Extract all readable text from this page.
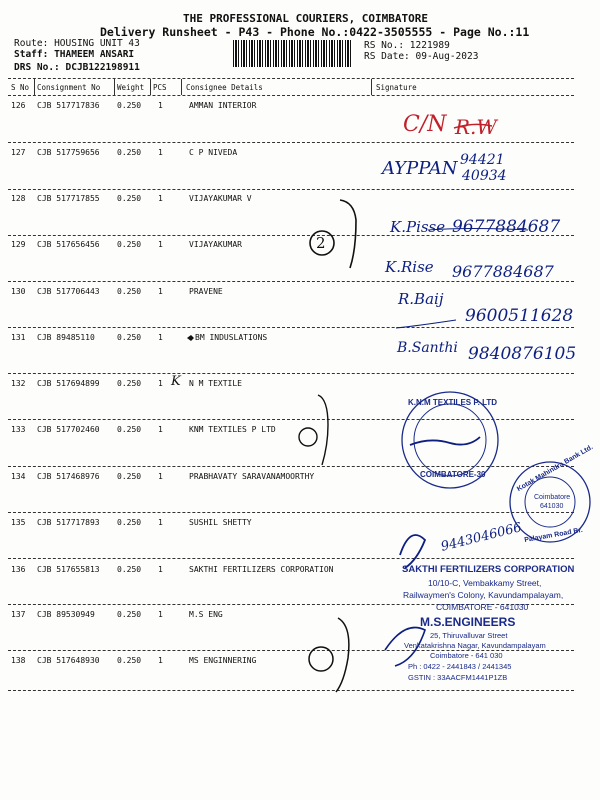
THE PROFESSIONAL COURIERS, COIMBATORE
Delivery Runsheet - P43 - Phone No.:0422-3505555 - Page No.:11
Route: HOUSING UNIT 43
Staff: THAMEEM ANSARI
DRS No.: DCJB122198911
RS No.: 1221989
RS Date: 09-Aug-2023
S No Consignment No Weight PCS	Consignee Details	Signature
126 CJB 517717836 0.250 1	AMMAN INTERIOR
127 CJB 517759656 0.250 1	C P NIVEDA
128 CJB 517717855 0.250 1	VIJAYAKUMAR V
129 CJB 517656456 0.250 1	VIJAYAKUMAR
130 CJB 517706443 0.250 1	PRAVENE
131 CJB 89485110	0.250 1	BM INDUSLATIONS
132 CJB 517694899 0.250 1	N M TEXTILE
133 CJB 517702460 0.250 1	KNM TEXTILES P LTD
134 CJB 517468976 0.250 1	PRABHAVATY SARAVANAMOORTHY
135 CJB 517717893 0.250 1	SUSHIL SHETTY
136 CJB 517655813 0.250 1	SAKTHI FERTILIZERS CORPORATION
137 CJB 89530949	0.250 1	M.S ENG
138 CJB 517648930 0.250 1	MS ENGINNERING
C/N R.W
AYPPAN 94421
40934
2
K.Pisse 9677884687
K.Rise 9677884687
R.Baij
9600511628
B.Santhi 9840876105
K
9443046066
K.N.M TEXTILES P. LTD
COIMBATORE-30	Kotak Mahindra Bank Ltd.
Coimbatore
641030
Palayam Road Br.
SAKTHI FERTILIZERS CORPORATION
10/10-C, Vembakkamy Street,
Railwaymen's Colony, Kavundampalayam,
COIMBATORE - 641030
M.S.ENGINEERS
25, Thiruvalluvar Street
Venkatakrishna Nagar, Kavundampalayam
Coimbatore - 641 030
Ph : 0422 - 2441843 / 2441345
GSTIN : 33AACFM1441P1ZB
